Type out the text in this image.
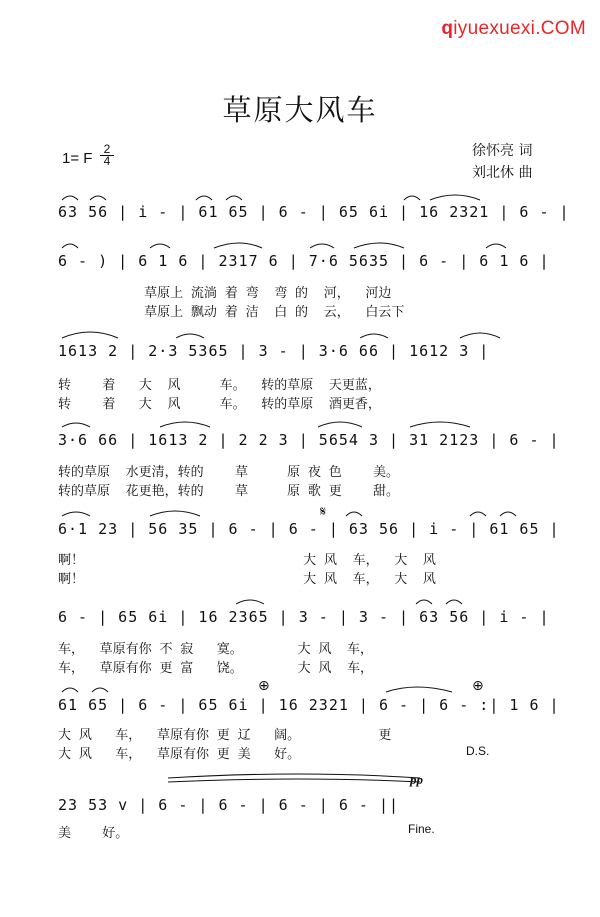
qiyuexuexi.COM
草原大风车
1= F
2
4
徐怀亮 词
刘北休 曲
63 56 | i - | 61 65 | 6 - | 65 6i | 16 2321 | 6 - |
6 - ) | 6 1 6 | 2317 6 | 7·6 5635 | 6 - | 6 1 6 |
草原上 流淌 着 弯  弯 的  河，  河边
草原上 飘动 着 洁  白 的  云，  白云下
1613 2 | 2·3 5365 | 3 - | 3·6 66 | 1612 3 |
转    着   大  风     车。  转的草原  天更蓝，
转    着   大  风     车。  转的草原  酒更香，
3·6 66 | 1613 2 | 2 2 3 | 5654 3 | 31 2123 | 6 - |
转的草原  水更清，转的    草     原 夜 色    美。
转的草原  花更艳，转的    草     原 歌 更    甜。
6·1 23 | 56 35 | 6 - | 6 - | 63 56 | i - | 61 65 |
啊！                            大 风  车，  大  风
啊！                            大 风  车，  大  风
6 - | 65 6i | 16 2365 | 3 - | 3 - | 63 56 | i - |
车，  草原有你 不 寂   寞。       大 风  车，
车，  草原有你 更 富   饶。       大 风  车，
61 65 | 6 - | 65 6i | 16 2321 | 6 - | 6 - :| 1 6 |
大 风   车，  草原有你 更 辽   阔。          更
大 风   车，  草原有你 更 美   好。	D.S.
23 53 v | 6 - | 6 - | 6 - | 6 - ||
美    好。	Fine.
pp
𝄋
⊕	⊕
